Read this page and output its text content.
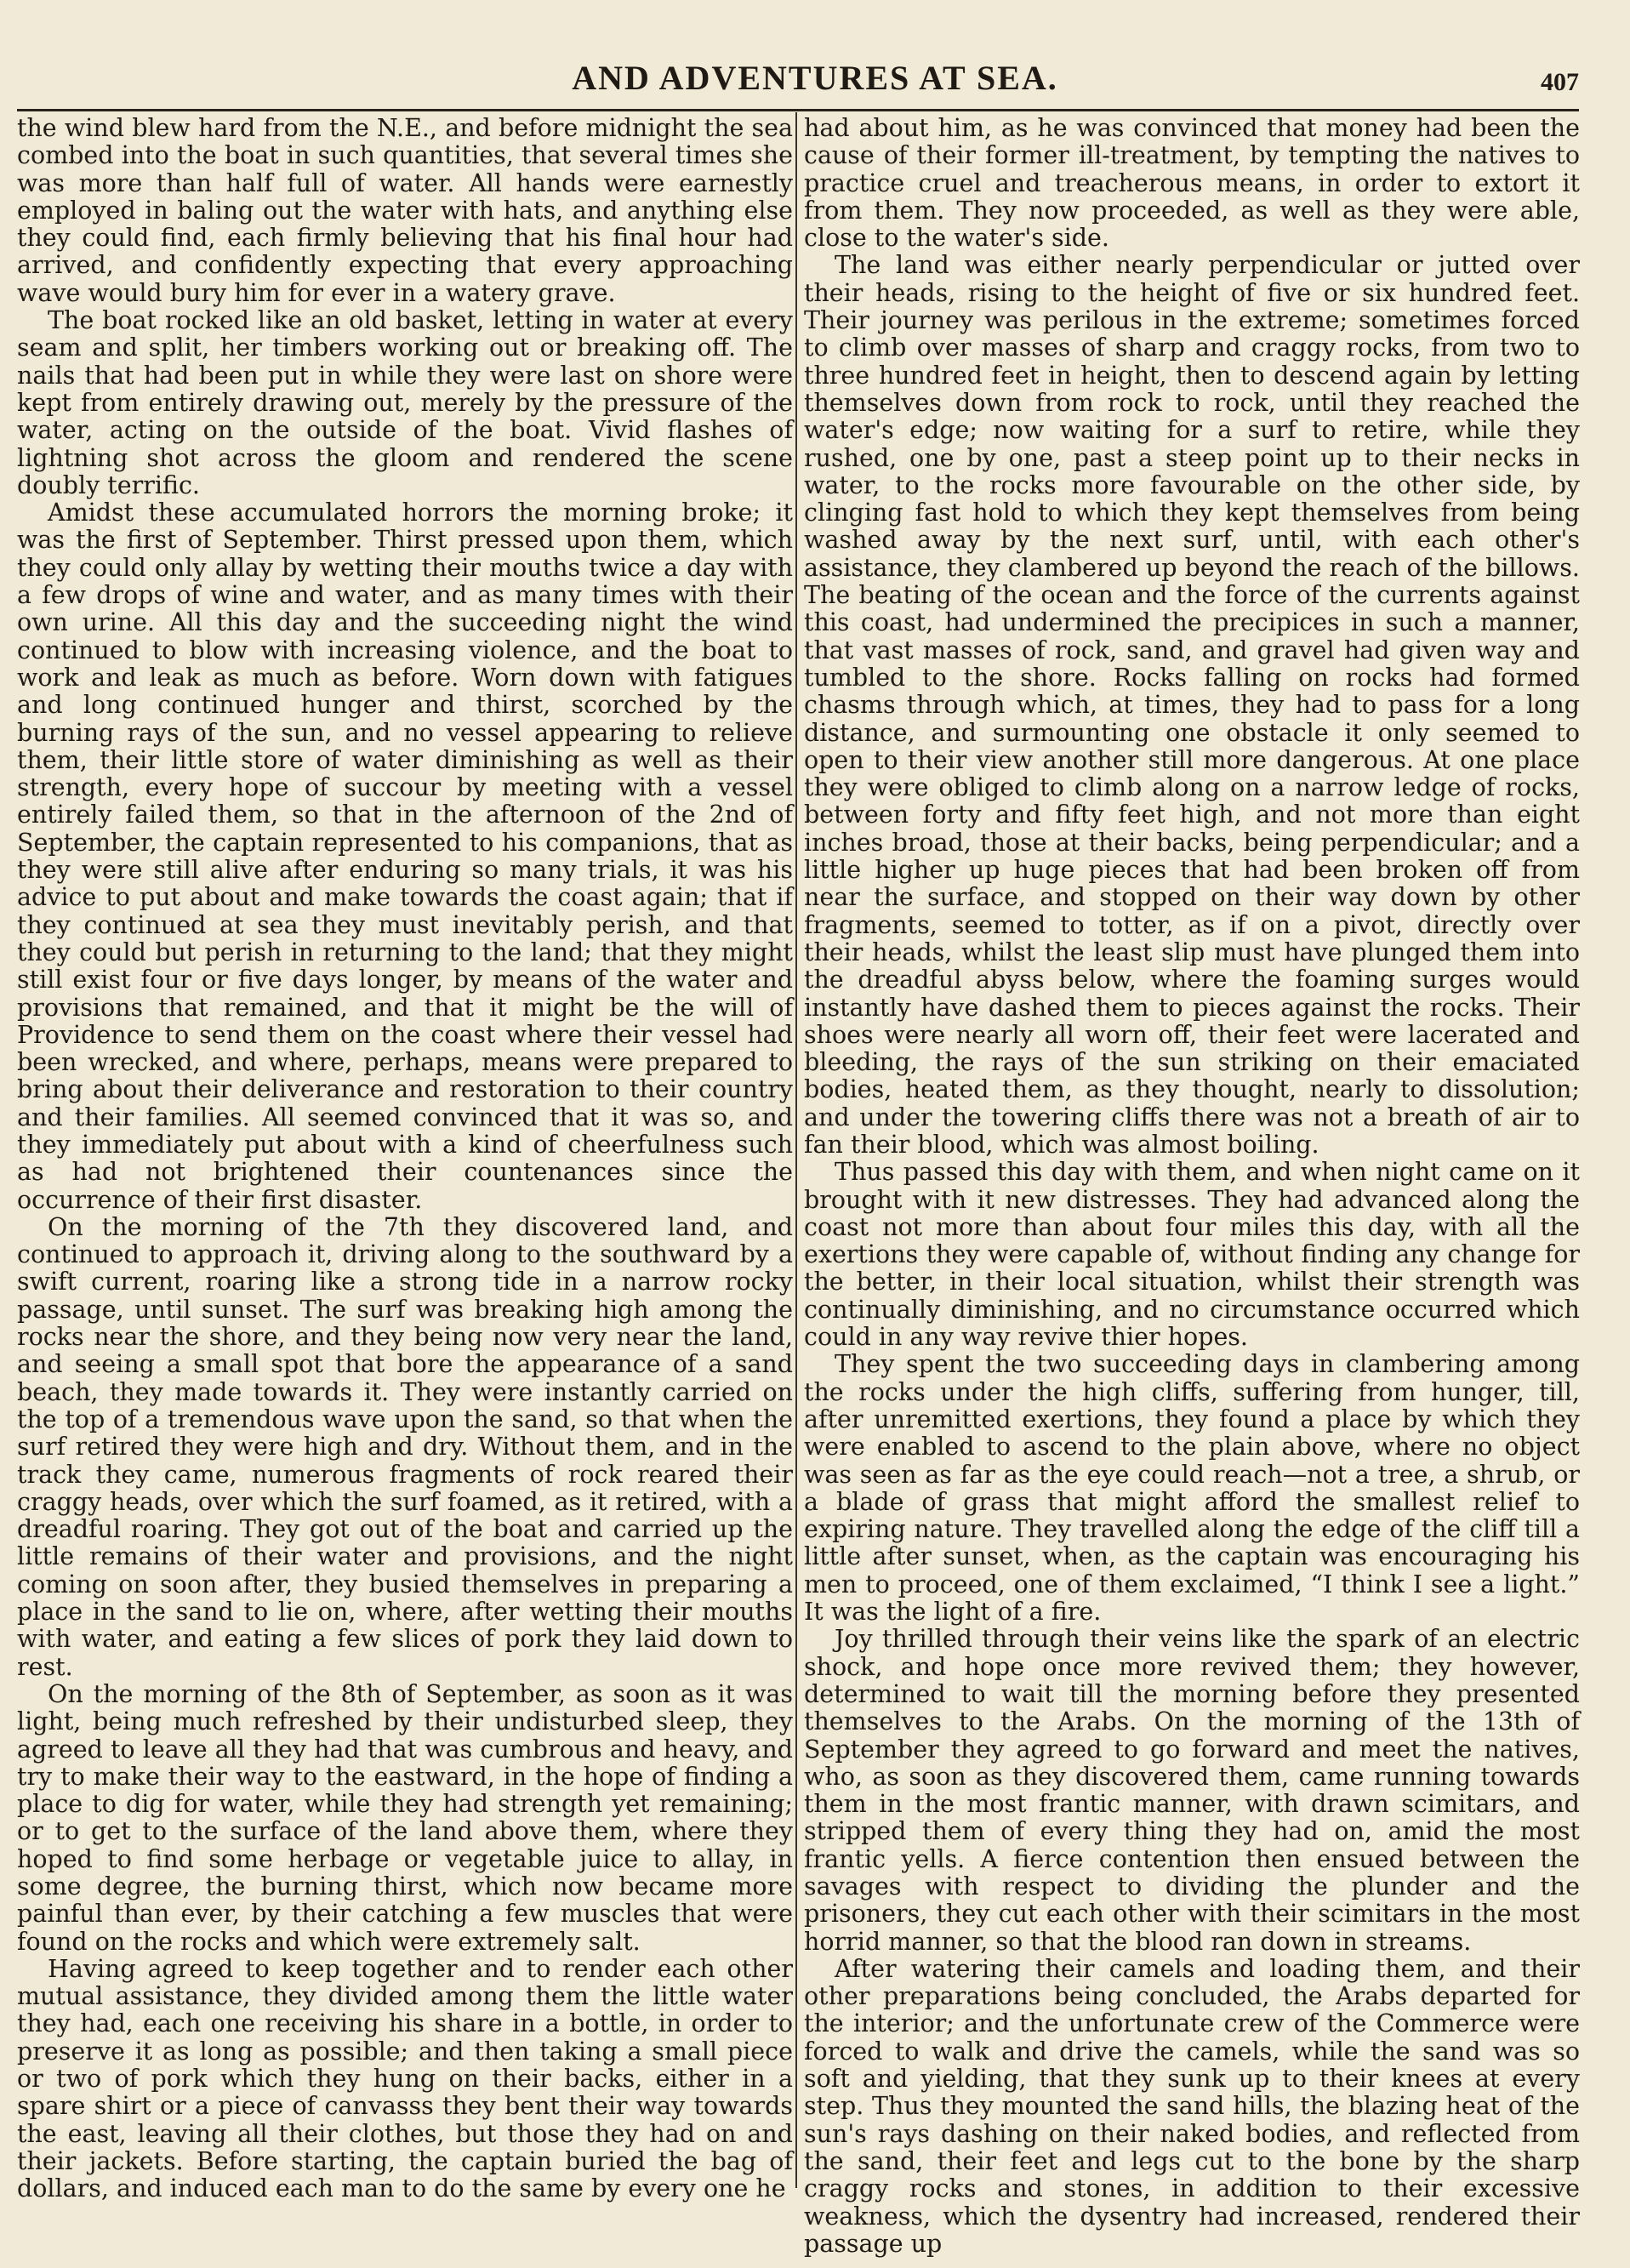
AND ADVENTURES AT SEA.	407

the wind blew hard from the N.E., and before midnight the sea combed into the boat in such quantities, that several times she was more than half full of water. All hands were earnestly employed in baling out the water with hats, and anything else they could find, each firmly believing that his final hour had arrived, and confidently expecting that every approaching wave would bury him for ever in a watery grave.

The boat rocked like an old basket, letting in water at every seam and split, her timbers working out or breaking off. The nails that had been put in while they were last on shore were kept from entirely drawing out, merely by the pressure of the water, acting on the outside of the boat. Vivid flashes of lightning shot across the gloom and rendered the scene doubly terrific.

Amidst these accumulated horrors the morning broke; it was the first of September. Thirst pressed upon them, which they could only allay by wetting their mouths twice a day with a few drops of wine and water, and as many times with their own urine. All this day and the succeeding night the wind continued to blow with increasing violence, and the boat to work and leak as much as before. Worn down with fatigues and long continued hunger and thirst, scorched by the burning rays of the sun, and no vessel appearing to relieve them, their little store of water diminishing as well as their strength, every hope of succour by meeting with a vessel entirely failed them, so that in the afternoon of the 2nd of September, the captain represented to his companions, that as they were still alive after enduring so many trials, it was his advice to put about and make towards the coast again; that if they continued at sea they must inevitably perish, and that they could but perish in returning to the land; that they might still exist four or five days longer, by means of the water and provisions that remained, and that it might be the will of Providence to send them on the coast where their vessel had been wrecked, and where, perhaps, means were prepared to bring about their deliverance and restoration to their country and their families. All seemed convinced that it was so, and they immediately put about with a kind of cheerfulness such as had not brightened their countenances since the occurrence of their first disaster.

On the morning of the 7th they discovered land, and continued to approach it, driving along to the southward by a swift current, roaring like a strong tide in a narrow rocky passage, until sunset. The surf was breaking high among the rocks near the shore, and they being now very near the land, and seeing a small spot that bore the appearance of a sand beach, they made towards it. They were instantly carried on the top of a tremendous wave upon the sand, so that when the surf retired they were high and dry. Without them, and in the track they came, numerous fragments of rock reared their craggy heads, over which the surf foamed, as it retired, with a dreadful roaring. They got out of the boat and carried up the little remains of their water and provisions, and the night coming on soon after, they busied themselves in preparing a place in the sand to lie on, where, after wetting their mouths with water, and eating a few slices of pork they laid down to rest.

On the morning of the 8th of September, as soon as it was light, being much refreshed by their undisturbed sleep, they agreed to leave all they had that was cumbrous and heavy, and try to make their way to the eastward, in the hope of finding a place to dig for water, while they had strength yet remaining; or to get to the surface of the land above them, where they hoped to find some herbage or vegetable juice to allay, in some degree, the burning thirst, which now became more painful than ever, by their catching a few muscles that were found on the rocks and which were extremely salt.

Having agreed to keep together and to render each other mutual assistance, they divided among them the little water they had, each one receiving his share in a bottle, in order to preserve it as long as possible; and then taking a small piece or two of pork which they hung on their backs, either in a spare shirt or a piece of canvasss they bent their way towards the east, leaving all their clothes, but those they had on and their jackets. Before starting, the captain buried the bag of dollars, and induced each man to do the same by every one he

had about him, as he was convinced that money had been the cause of their former ill-treatment, by tempting the natives to practice cruel and treacherous means, in order to extort it from them. They now proceeded, as well as they were able, close to the water's side.

The land was either nearly perpendicular or jutted over their heads, rising to the height of five or six hundred feet. Their journey was perilous in the extreme; sometimes forced to climb over masses of sharp and craggy rocks, from two to three hundred feet in height, then to descend again by letting themselves down from rock to rock, until they reached the water's edge; now waiting for a surf to retire, while they rushed, one by one, past a steep point up to their necks in water, to the rocks more favourable on the other side, by clinging fast hold to which they kept themselves from being washed away by the next surf, until, with each other's assistance, they clambered up beyond the reach of the billows. The beating of the ocean and the force of the currents against this coast, had undermined the precipices in such a manner, that vast masses of rock, sand, and gravel had given way and tumbled to the shore. Rocks falling on rocks had formed chasms through which, at times, they had to pass for a long distance, and surmounting one obstacle it only seemed to open to their view another still more dangerous. At one place they were obliged to climb along on a narrow ledge of rocks, between forty and fifty feet high, and not more than eight inches broad, those at their backs, being perpendicular; and a little higher up huge pieces that had been broken off from near the surface, and stopped on their way down by other fragments, seemed to totter, as if on a pivot, directly over their heads, whilst the least slip must have plunged them into the dreadful abyss below, where the foaming surges would instantly have dashed them to pieces against the rocks. Their shoes were nearly all worn off, their feet were lacerated and bleeding, the rays of the sun striking on their emaciated bodies, heated them, as they thought, nearly to dissolution; and under the towering cliffs there was not a breath of air to fan their blood, which was almost boiling.

Thus passed this day with them, and when night came on it brought with it new distresses. They had advanced along the coast not more than about four miles this day, with all the exertions they were capable of, without finding any change for the better, in their local situation, whilst their strength was continually diminishing, and no circumstance occurred which could in any way revive thier hopes.

They spent the two succeeding days in clambering among the rocks under the high cliffs, suffering from hunger, till, after unremitted exertions, they found a place by which they were enabled to ascend to the plain above, where no object was seen as far as the eye could reach—not a tree, a shrub, or a blade of grass that might afford the smallest relief to expiring nature. They travelled along the edge of the cliff till a little after sunset, when, as the captain was encouraging his men to proceed, one of them exclaimed, “I think I see a light.” It was the light of a fire.

Joy thrilled through their veins like the spark of an electric shock, and hope once more revived them; they however, determined to wait till the morning before they presented themselves to the Arabs. On the morning of the 13th of September they agreed to go forward and meet the natives, who, as soon as they discovered them, came running towards them in the most frantic manner, with drawn scimitars, and stripped them of every thing they had on, amid the most frantic yells. A fierce contention then ensued between the savages with respect to dividing the plunder and the prisoners, they cut each other with their scimitars in the most horrid manner, so that the blood ran down in streams.

After watering their camels and loading them, and their other preparations being concluded, the Arabs departed for the interior; and the unfortunate crew of the Commerce were forced to walk and drive the camels, while the sand was so soft and yielding, that they sunk up to their knees at every step. Thus they mounted the sand hills, the blazing heat of the sun's rays dashing on their naked bodies, and reflected from the sand, their feet and legs cut to the bone by the sharp craggy rocks and stones, in addition to their excessive weakness, which the dysentry had increased, rendered their passage up
